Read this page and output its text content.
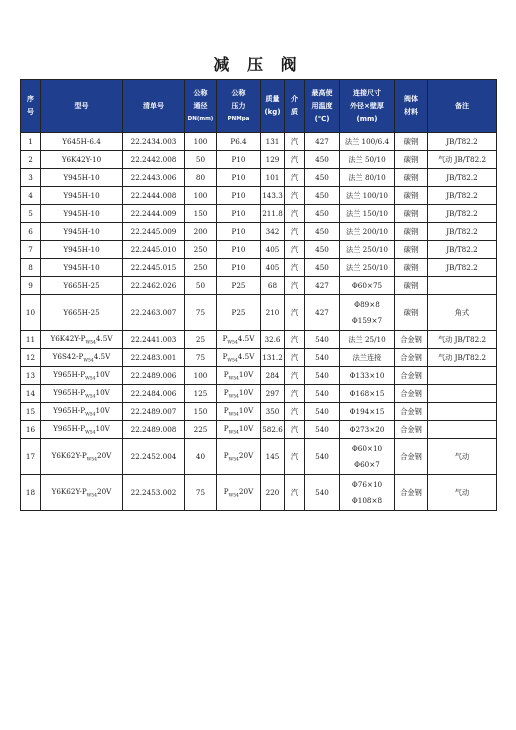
减 压 阀
序
号	型号	清单号	公称
通径
DN(mm)	公称
压力
PNMpa	质量
(kg)	介
质	最高使
用温度
(℃)	连接尺寸
外径×壁厚
(mm)	阀体
材料	备注

1	Y645H-6.4	22.2434.003	100	P6.4	131	汽	427	法兰 100/6.4	碳钢	JB/T82.2
2	Y6K42Y-10	22.2442.008	50	P10	129	汽	450	法兰 50/10	碳钢	气动 JB/T82.2
3	Y945H-10	22.2443.006	80	P10	101	汽	450	法兰 80/10	碳钢	JB/T82.2
4	Y945H-10	22.2444.008	100	P10	143.3	汽	450	法兰 100/10	碳钢	JB/T82.2
5	Y945H-10	22.2444.009	150	P10	211.8	汽	450	法兰 150/10	碳钢	JB/T82.2
6	Y945H-10	22.2445.009	200	P10	342	汽	450	法兰 200/10	碳钢	JB/T82.2
7	Y945H-10	22.2445.010	250	P10	405	汽	450	法兰 250/10	碳钢	JB/T82.2
8	Y945H-10	22.2445.015	250	P10	405	汽	450	法兰 250/10	碳钢	JB/T82.2
9	Y665H-25	22.2462.026	50	P25	68	汽	427	Φ60×75	碳钢	
10	Y665H-25	22.2463.007	75	P25	210	汽	427	Φ89×8
Φ159×7	碳钢	角式
11	$Y6K42Y-P_{W54}4.5V$	22.2441.003	25	$P_{W54}4.5V$	32.6	汽	540	法兰 25/10	合金钢	气动 JB/T82.2
12	$Y6S42-P_{W54}4.5V$	22.2483.001	75	$P_{W54}4.5V$	131.2	汽	540	法兰连接	合金钢	气动 JB/T82.2
13	$Y965H-P_{W54}10V$	22.2489.006	100	$P_{W54}10V$	284	汽	540	Φ133×10	合金钢	
14	$Y965H-P_{W54}10V$	22.2484.006	125	$P_{W54}10V$	297	汽	540	Φ168×15	合金钢	
15	$Y965H-P_{W54}10V$	22.2489.007	150	$P_{W54}10V$	350	汽	540	Φ194×15	合金钢	
16	$Y965H-P_{W54}10V$	22.2489.008	225	$P_{W54}10V$	582.6	汽	540	Φ273×20	合金钢	
17	$Y6K62Y-P_{W54}20V$	22.2452.004	40	$P_{W54}20V$	145	汽	540	Φ60×10
Φ60×7	合金钢	气动
18	$Y6K62Y-P_{W54}20V$	22.2453.002	75	$P_{W54}20V$	220	汽	540	Φ76×10
Φ108×8	合金钢	气动
